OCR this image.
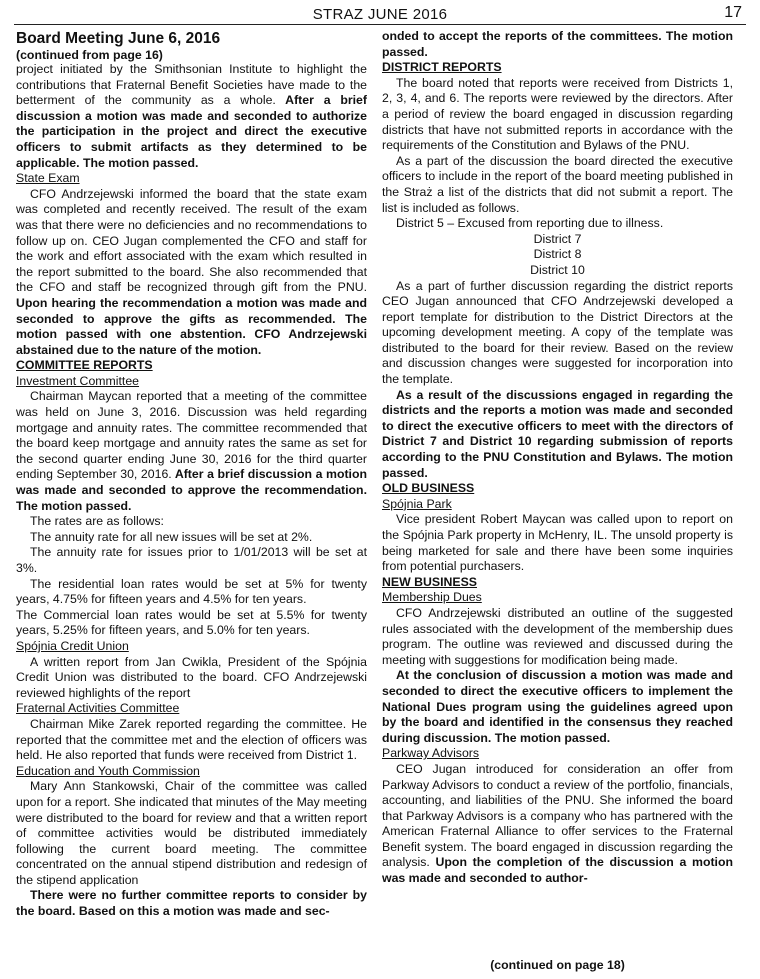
STRAZ JUNE 2016	17
Board Meeting June 6, 2016

(continued from page 16)

project initiated by the Smithsonian Institute to highlight the contributions that Fraternal Benefit Societies have made to the betterment of the community as a whole. After a brief discussion a motion was made and seconded to authorize the participation in the project and direct the executive officers to submit artifacts as they determined to be applicable. The motion passed.

State Exam

CFO Andrzejewski informed the board that the state exam was completed and recently received. The result of the exam was that there were no deficiencies and no recommendations to follow up on. CEO Jugan complemented the CFO and staff for the work and effort associated with the exam which resulted in the report submitted to the board. She also recommended that the CFO and staff be recognized through gift from the PNU. Upon hearing the recommendation a motion was made and seconded to approve the gifts as recommended. The motion passed with one abstention. CFO Andrzejewski abstained due to the nature of the motion.

COMMITTEE REPORTS

Investment Committee

Chairman Maycan reported that a meeting of the committee was held on June 3, 2016. Discussion was held regarding mortgage and annuity rates. The committee recommended that the board keep mortgage and annuity rates the same as set for the second quarter ending June 30, 2016 for the third quarter ending September 30, 2016. After a brief discussion a motion was made and seconded to approve the recommendation. The motion passed.

The rates are as follows:

The annuity rate for all new issues will be set at 2%.

The annuity rate for issues prior to 1/01/2013 will be set at 3%.

The residential loan rates would be set at 5% for twenty years, 4.75% for fifteen years and 4.5% for ten years.

The Commercial loan rates would be set at 5.5% for twenty years, 5.25% for fifteen years, and 5.0% for ten years.

Spójnia Credit Union

A written report from Jan Cwikla, President of the Spójnia Credit Union was distributed to the board. CFO Andrzejewski reviewed highlights of the report

Fraternal Activities Committee

Chairman Mike Zarek reported regarding the committee. He reported that the committee met and the election of officers was held. He also reported that funds were received from District 1.

Education and Youth Commission

Mary Ann Stankowski, Chair of the committee was called upon for a report. She indicated that minutes of the May meeting were distributed to the board for review and that a written report of committee activities would be distributed immediately following the current board meeting. The committee concentrated on the annual stipend distribution and redesign of the stipend application

There were no further committee reports to consider by the board. Based on this a motion was made and sec-

onded to accept the reports of the committees. The motion passed.

DISTRICT REPORTS

The board noted that reports were received from Districts 1, 2, 3, 4, and 6. The reports were reviewed by the directors. After a period of review the board engaged in discussion regarding districts that have not submitted reports in accordance with the requirements of the Constitution and Bylaws of the PNU.

As a part of the discussion the board directed the executive officers to include in the report of the board meeting published in the Straż a list of the districts that did not submit a report. The list is included as follows.

District 5 – Excused from reporting due to illness.

District 7

District 8

District 10

As a part of further discussion regarding the district reports CEO Jugan announced that CFO Andrzejewski developed a report template for distribution to the District Directors at the upcoming development meeting. A copy of the template was distributed to the board for their review. Based on the review and discussion changes were suggested for incorporation into the template.

As a result of the discussions engaged in regarding the districts and the reports a motion was made and seconded to direct the executive officers to meet with the directors of District 7 and District 10 regarding submission of reports according to the PNU Constitution and Bylaws. The motion passed.

OLD BUSINESS

Spójnia Park

Vice president Robert Maycan was called upon to report on the Spójnia Park property in McHenry, IL. The unsold property is being marketed for sale and there have been some inquiries from potential purchasers.

NEW BUSINESS

Membership Dues

CFO Andrzejewski distributed an outline of the suggested rules associated with the development of the membership dues program. The outline was reviewed and discussed during the meeting with suggestions for modification being made.

At the conclusion of discussion a motion was made and seconded to direct the executive officers to implement the National Dues program using the guidelines agreed upon by the board and identified in the consensus they reached during discussion. The motion passed.

Parkway Advisors

CEO Jugan introduced for consideration an offer from Parkway Advisors to conduct a review of the portfolio, financials, accounting, and liabilities of the PNU. She informed the board that Parkway Advisors is a company who has partnered with the American Fraternal Alliance to offer services to the Fraternal Benefit system. The board engaged in discussion regarding the analysis. Upon the completion of the discussion a motion was made and seconded to author-

(continued on page 18)
